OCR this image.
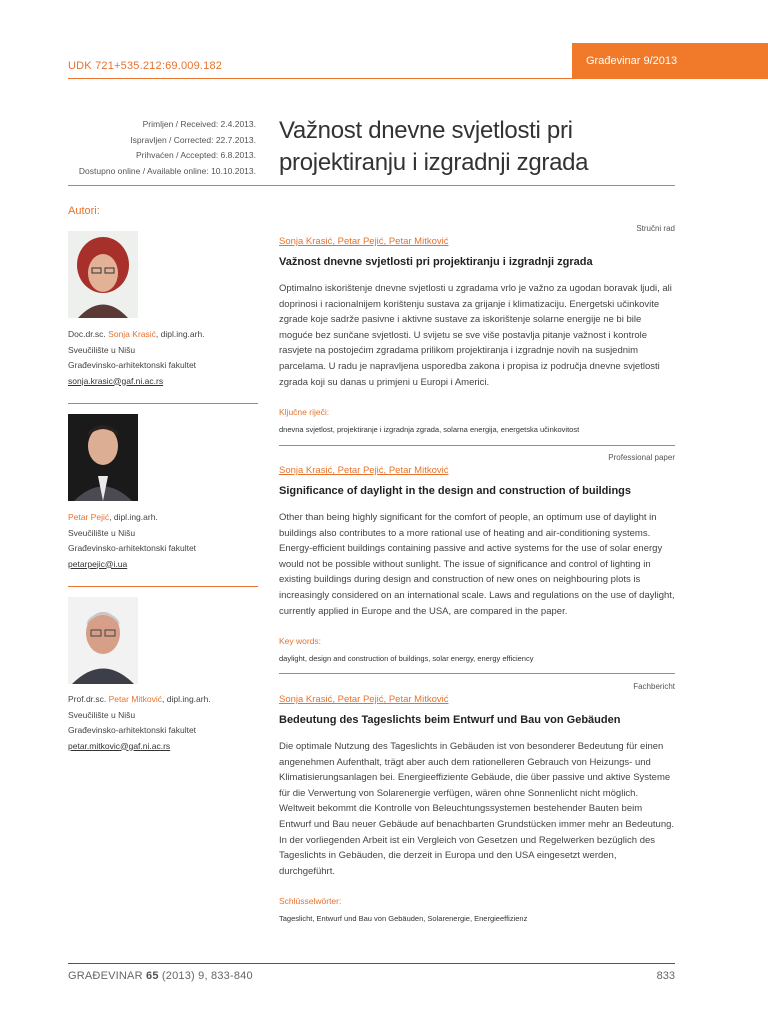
UDK 721+535.212:69.009.182	Građevinar 9/2013
Primljen / Received: 2.4.2013.
Ispravljen / Corrected: 22.7.2013.
Prihvaćen / Accepted: 6.8.2013.
Dostupno online / Available online: 10.10.2013.
Važnost dnevne svjetlosti pri
projektiranju i izgradnji zgrada
Autori:
Doc.dr.sc. Sonja Krasić, dipl.ing.arh.
Sveučilište u Nišu
Građevinsko-arhitektonski fakultet
sonja.krasic@gaf.ni.ac.rs
Petar Pejić, dipl.ing.arh.
Sveučilište u Nišu
Građevinsko-arhitektonski fakultet
petarpejic@i.ua
Prof.dr.sc. Petar Mitković, dipl.ing.arh.
Sveučilište u Nišu
Građevinsko-arhitektonski fakultet
petar.mitkovic@gaf.ni.ac.rs
Stručni rad
Sonja Krasić, Petar Pejić, Petar Mitković
Važnost dnevne svjetlosti pri projektiranju i izgradnji zgrada
Optimalno iskorištenje dnevne svjetlosti u zgradama vrlo je važno za ugodan boravak ljudi, ali doprinosi i racionalnijem korištenju sustava za grijanje i klimatizaciju. Energetski učinkovite zgrade koje sadrže pasivne i aktivne sustave za iskorištenje solarne energije ne bi bile moguće bez sunčane svjetlosti. U svijetu se sve više postavlja pitanje važnost i kontrole rasvjete na postojećim zgradama prilikom projektiranja i izgradnje novih na susjednim parcelama. U radu je napravljena usporedba zakona i propisa iz područja dnevne svjetlosti zgrada koji su danas u primjeni u Europi i Americi.
Ključne riječi:
dnevna svjetlost, projektiranje i izgradnja zgrada, solarna energija, energetska učinkovitost
Professional paper
Sonja Krasić, Petar Pejić, Petar Mitković
Significance of daylight in the design and construction of buildings
Other than being highly significant for the comfort of people, an optimum use of daylight in buildings also contributes to a more rational use of heating and air-conditioning systems. Energy-efficient buildings containing passive and active systems for the use of solar energy would not be possible without sunlight. The issue of significance and control of lighting in existing buildings during design and construction of new ones on neighbouring plots is increasingly considered on an international scale. Laws and regulations on the use of daylight, currently applied in Europe and the USA, are compared in the paper.
Key words:
daylight, design and construction of buildings, solar energy, energy efficiency
Fachbericht
Sonja Krasić, Petar Pejić, Petar Mitković
Bedeutung des Tageslichts beim Entwurf und Bau von Gebäuden
Die optimale Nutzung des Tageslichts in Gebäuden ist von besonderer Bedeutung für einen angenehmen Aufenthalt, trägt aber auch dem rationelleren Gebrauch von Heizungs- und Klimatisierungsanlagen bei. Energieeffiziente Gebäude, die über passive und aktive Systeme für die Verwertung von Solarenergie verfügen, wären ohne Sonnenlicht nicht möglich. Weltweit bekommt die Kontrolle von Beleuchtungssystemen bestehender Bauten beim Entwurf und Bau neuer Gebäude auf benachbarten Grundstücken immer mehr an Bedeutung. In der vorliegenden Arbeit ist ein Vergleich von Gesetzen und Regelwerken bezüglich des Tageslichts in Gebäuden, die derzeit in Europa und den USA eingesetzt werden, durchgeführt.
Schlüsselwörter:
Tageslicht, Entwurf und Bau von Gebäuden, Solarenergie, Energieeffizienz
GRAĐEVINAR 65 (2013) 9, 833-840	833
